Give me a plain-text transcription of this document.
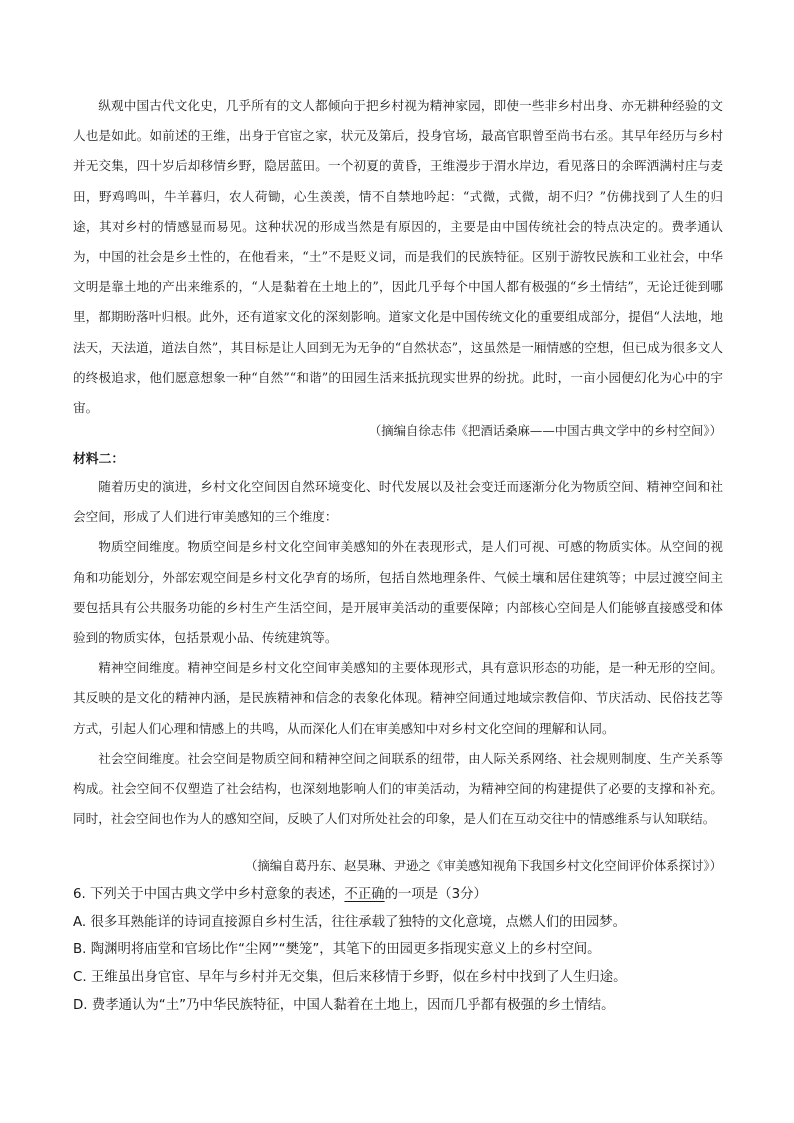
纵观中国古代文化史，几乎所有的文人都倾向于把乡村视为精神家园，即使一些非乡村出身、亦无耕种经验的文人也是如此。如前述的王维，出身于官宦之家，状元及第后，投身官场，最高官职曾至尚书右丞。其早年经历与乡村并无交集，四十岁后却移情乡野，隐居蓝田。一个初夏的黄昏，王维漫步于渭水岸边，看见落日的余晖洒满村庄与麦田，野鸡鸣叫，牛羊暮归，农人荷锄，心生羡羡，情不自禁地吟起：“式微，式微，胡不归？”仿佛找到了人生的归途，其对乡村的情感显而易见。这种状况的形成当然是有原因的，主要是由中国传统社会的特点决定的。费孝通认为，中国的社会是乡土性的，在他看来，“土”不是贬义词，而是我们的民族特征。区别于游牧民族和工业社会，中华文明是靠土地的产出来维系的，“人是黏着在土地上的”，因此几乎每个中国人都有极强的“乡土情结”，无论迁徙到哪里，都期盼落叶归根。此外，还有道家文化的深刻影响。道家文化是中国传统文化的重要组成部分，提倡“人法地，地法天，天法道，道法自然”，其目标是让人回到无为无争的“自然状态”，这虽然是一厢情感的空想，但已成为很多文人的终极追求，他们愿意想象一种“自然”“和谐”的田园生活来抵抗现实世界的纷扰。此时，一亩小园便幻化为心中的宇宙。

（摘编自徐志伟《把酒话桑麻——中国古典文学中的乡村空间》）
材料二：

随着历史的演进，乡村文化空间因自然环境变化、时代发展以及社会变迁而逐渐分化为物质空间、精神空间和社会空间，形成了人们进行审美感知的三个维度：

物质空间维度。物质空间是乡村文化空间审美感知的外在表现形式，是人们可视、可感的物质实体。从空间的视角和功能划分，外部宏观空间是乡村文化孕育的场所，包括自然地理条件、气候土壤和居住建筑等；中层过渡空间主要包括具有公共服务功能的乡村生产生活空间，是开展审美活动的重要保障；内部核心空间是人们能够直接感受和体验到的物质实体，包括景观小品、传统建筑等。

精神空间维度。精神空间是乡村文化空间审美感知的主要体现形式，具有意识形态的功能，是一种无形的空间。其反映的是文化的精神内涵，是民族精神和信念的表象化体现。精神空间通过地域宗教信仰、节庆活动、民俗技艺等方式，引起人们心理和情感上的共鸣，从而深化人们在审美感知中对乡村文化空间的理解和认同。

社会空间维度。社会空间是物质空间和精神空间之间联系的纽带，由人际关系网络、社会规则制度、生产关系等构成。社会空间不仅塑造了社会结构，也深刻地影响人们的审美活动，为精神空间的构建提供了必要的支撑和补充。同时，社会空间也作为人的感知空间，反映了人们对所处社会的印象，是人们在互动交往中的情感维系与认知联结。

（摘编自葛丹东、赵昊琳、尹逊之《审美感知视角下我国乡村文化空间评价体系探讨》）
6. 下列关于中国古典文学中乡村意象的表述，不正确的一项是（3分）
A. 很多耳熟能详的诗词直接源自乡村生活，往往承载了独特的文化意境，点燃人们的田园梦。
B. 陶渊明将庙堂和官场比作“尘网”“樊笼”，其笔下的田园更多指现实意义上的乡村空间。
C. 王维虽出身官宦、早年与乡村并无交集，但后来移情于乡野，似在乡村中找到了人生归途。
D. 费孝通认为“土”乃中华民族特征，中国人黏着在土地上，因而几乎都有极强的乡土情结。
